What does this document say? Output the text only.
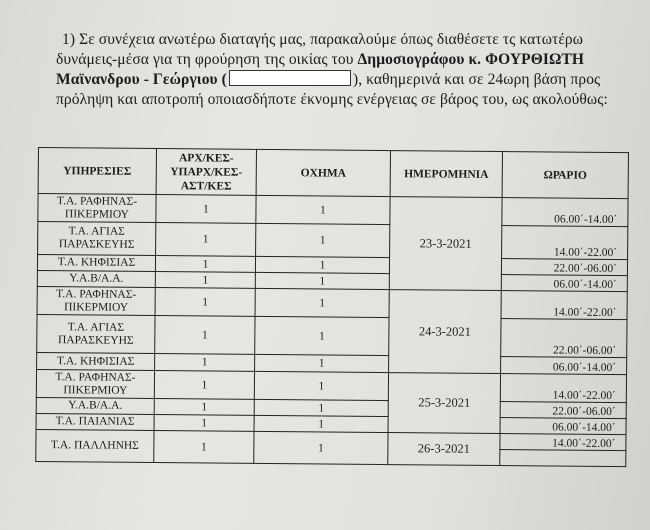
1) Σε συνέχεια ανωτέρω διαταγής μας, παρακαλούμε όπως διαθέσετε τς κατωτέρω
δυνάμεις-μέσα για τη φρούρηση της οικίας του Δημοσιογράφου κ. ΦΟΥΡΘΙΩΤΗ
Μαϊνανδρου - Γεώργιου (	), καθημερινά και σε 24ωρη βάση προς
πρόληψη και αποτροπή οποιασδήποτε έκνομης ενέργειας σε βάρος του, ως ακολούθως:
ΥΠΗΡΕΣΙΕΣ	ΑΡΧ/ΚΕΣ-
ΥΠΑΡΧ/ΚΕΣ-
ΑΣΤ/ΚΕΣ	ΟΧΗΜΑ	ΗΜΕΡΟΜΗΝΙΑ	ΩΡΑΡΙΟ
Τ.Α. ΡΑΦΗΝΑΣ-ΠΙΚΕΡΜΙΟΥ	1	1	23-3-2021	06.00΄-14.00΄
Τ.Α. ΑΓΙΑΣ ΠΑΡΑΣΚΕΥΗΣ	1	1		14.00΄-22.00΄
Τ.Α. ΚΗΦΙΣΙΑΣ	1	1		22.00΄-06.00΄
Υ.Α.Β/Α.Α.	1	1		06.00΄-14.00΄
Τ.Α. ΡΑΦΗΝΑΣ-ΠΙΚΕΡΜΙΟΥ	1	1	24-3-2021	14.00΄-22.00΄
Τ.Α. ΑΓΙΑΣ ΠΑΡΑΣΚΕΥΗΣ	1	1		22.00΄-06.00΄
Τ.Α. ΚΗΦΙΣΙΑΣ	1	1		06.00΄-14.00΄
Τ.Α. ΡΑΦΗΝΑΣ-ΠΙΚΕΡΜΙΟΥ	1	1	25-3-2021	14.00΄-22.00΄
Υ.Α.Β/Α.Α.	1	1		22.00΄-06.00΄
Τ.Α. ΠΑΙΑΝΙΑΣ	1	1		06.00΄-14.00΄
Τ.Α. ΠΑΛΛΗΝΗΣ	1	1	26-3-2021	14.00΄-22.00΄
